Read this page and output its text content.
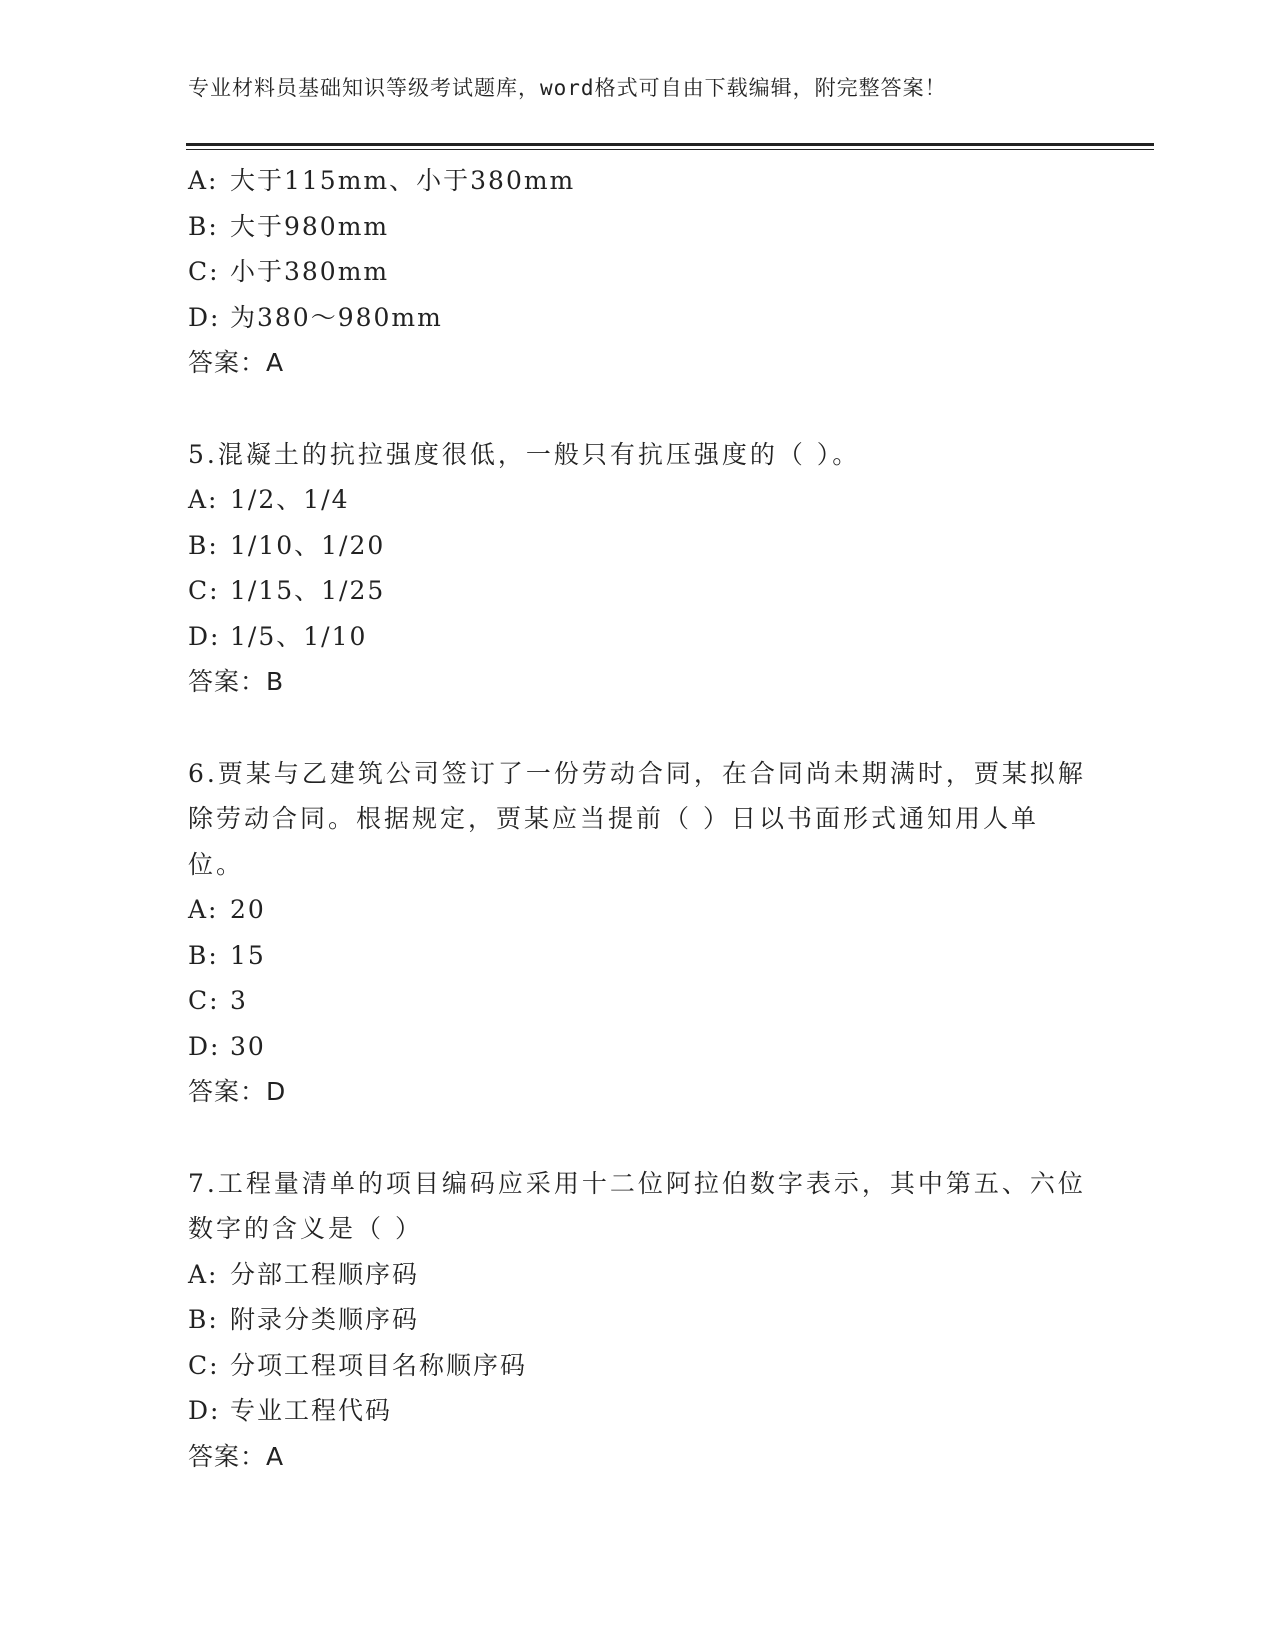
专业材料员基础知识等级考试题库，word格式可自由下载编辑，附完整答案！
A: 大于115mm、小于380mm
B: 大于980mm
C: 小于380mm
D: 为380～980mm
答案：A
5.混凝土的抗拉强度很低，一般只有抗压强度的（ ）。
A: 1/2、1/4
B: 1/10、1/20
C: 1/15、1/25
D: 1/5、1/10
答案：B
6.贾某与乙建筑公司签订了一份劳动合同，在合同尚未期满时，贾某拟解除劳动合同。根据规定，贾某应当提前（ ）日以书面形式通知用人单位。
A: 20
B: 15
C: 3
D: 30
答案：D
7.工程量清单的项目编码应采用十二位阿拉伯数字表示，其中第五、六位数字的含义是（ ）
A: 分部工程顺序码
B: 附录分类顺序码
C: 分项工程项目名称顺序码
D: 专业工程代码
答案：A
